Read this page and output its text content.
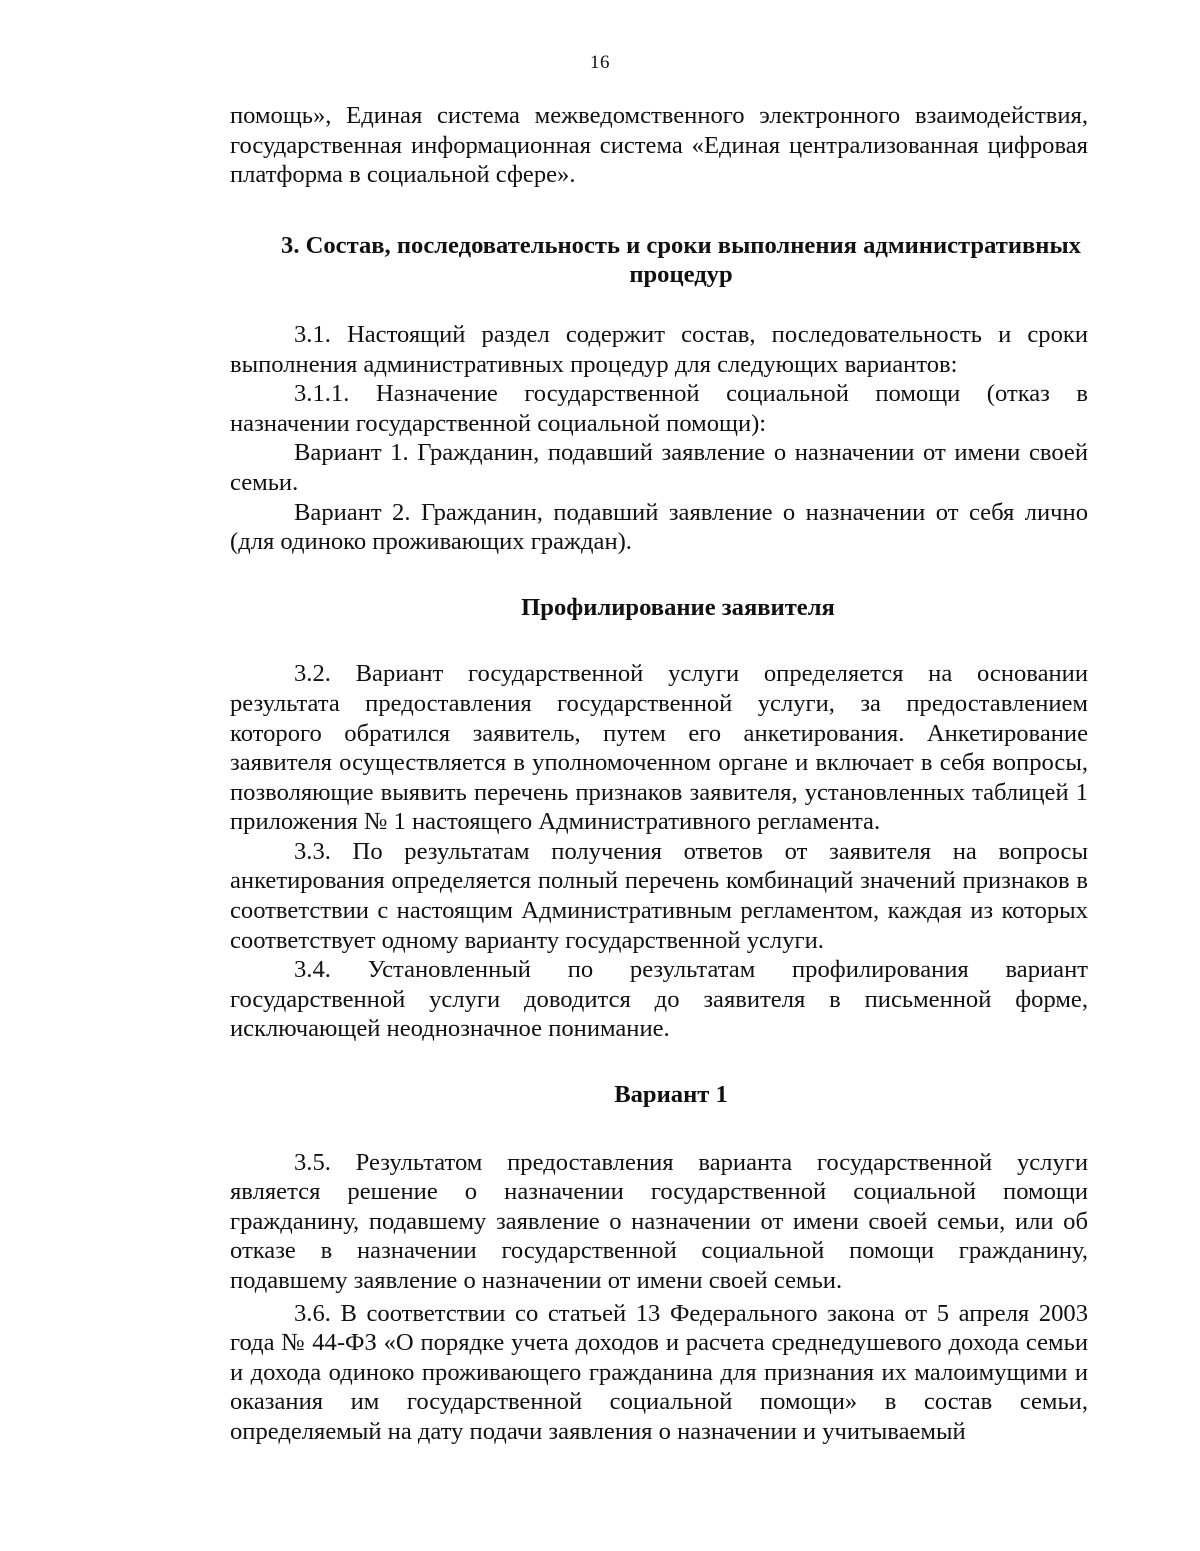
16

помощь», Единая система межведомственного электронного взаимодействия, государственная информационная система «Единая централизованная цифровая платформа в социальной сфере».

3. Состав, последовательность и сроки выполнения административных процедур

3.1. Настоящий раздел содержит состав, последовательность и сроки выполнения административных процедур для следующих вариантов:

3.1.1. Назначение государственной социальной помощи (отказ в назначении государственной социальной помощи):

Вариант 1. Гражданин, подавший заявление о назначении от имени своей семьи.

Вариант 2. Гражданин, подавший заявление о назначении от себя лично (для одиноко проживающих граждан).

Профилирование заявителя

3.2. Вариант государственной услуги определяется на основании результата предоставления государственной услуги, за предоставлением которого обратился заявитель, путем его анкетирования. Анкетирование заявителя осуществляется в уполномоченном органе и включает в себя вопросы, позволяющие выявить перечень признаков заявителя, установленных таблицей 1 приложения № 1 настоящего Административного регламента.

3.3. По результатам получения ответов от заявителя на вопросы анкетирования определяется полный перечень комбинаций значений признаков в соответствии с настоящим Административным регламентом, каждая из которых соответствует одному варианту государственной услуги.

3.4. Установленный по результатам профилирования вариант государственной услуги доводится до заявителя в письменной форме, исключающей неоднозначное понимание.

Вариант 1

3.5. Результатом предоставления варианта государственной услуги является решение о назначении государственной социальной помощи гражданину, подавшему заявление о назначении от имени своей семьи, или об отказе в назначении государственной социальной помощи гражданину, подавшему заявление о назначении от имени своей семьи.

3.6. В соответствии со статьей 13 Федерального закона от 5 апреля 2003 года № 44-ФЗ «О порядке учета доходов и расчета среднедушевого дохода семьи и дохода одиноко проживающего гражданина для признания их малоимущими и оказания им государственной социальной помощи» в состав семьи, определяемый на дату подачи заявления о назначении и учитываемый
